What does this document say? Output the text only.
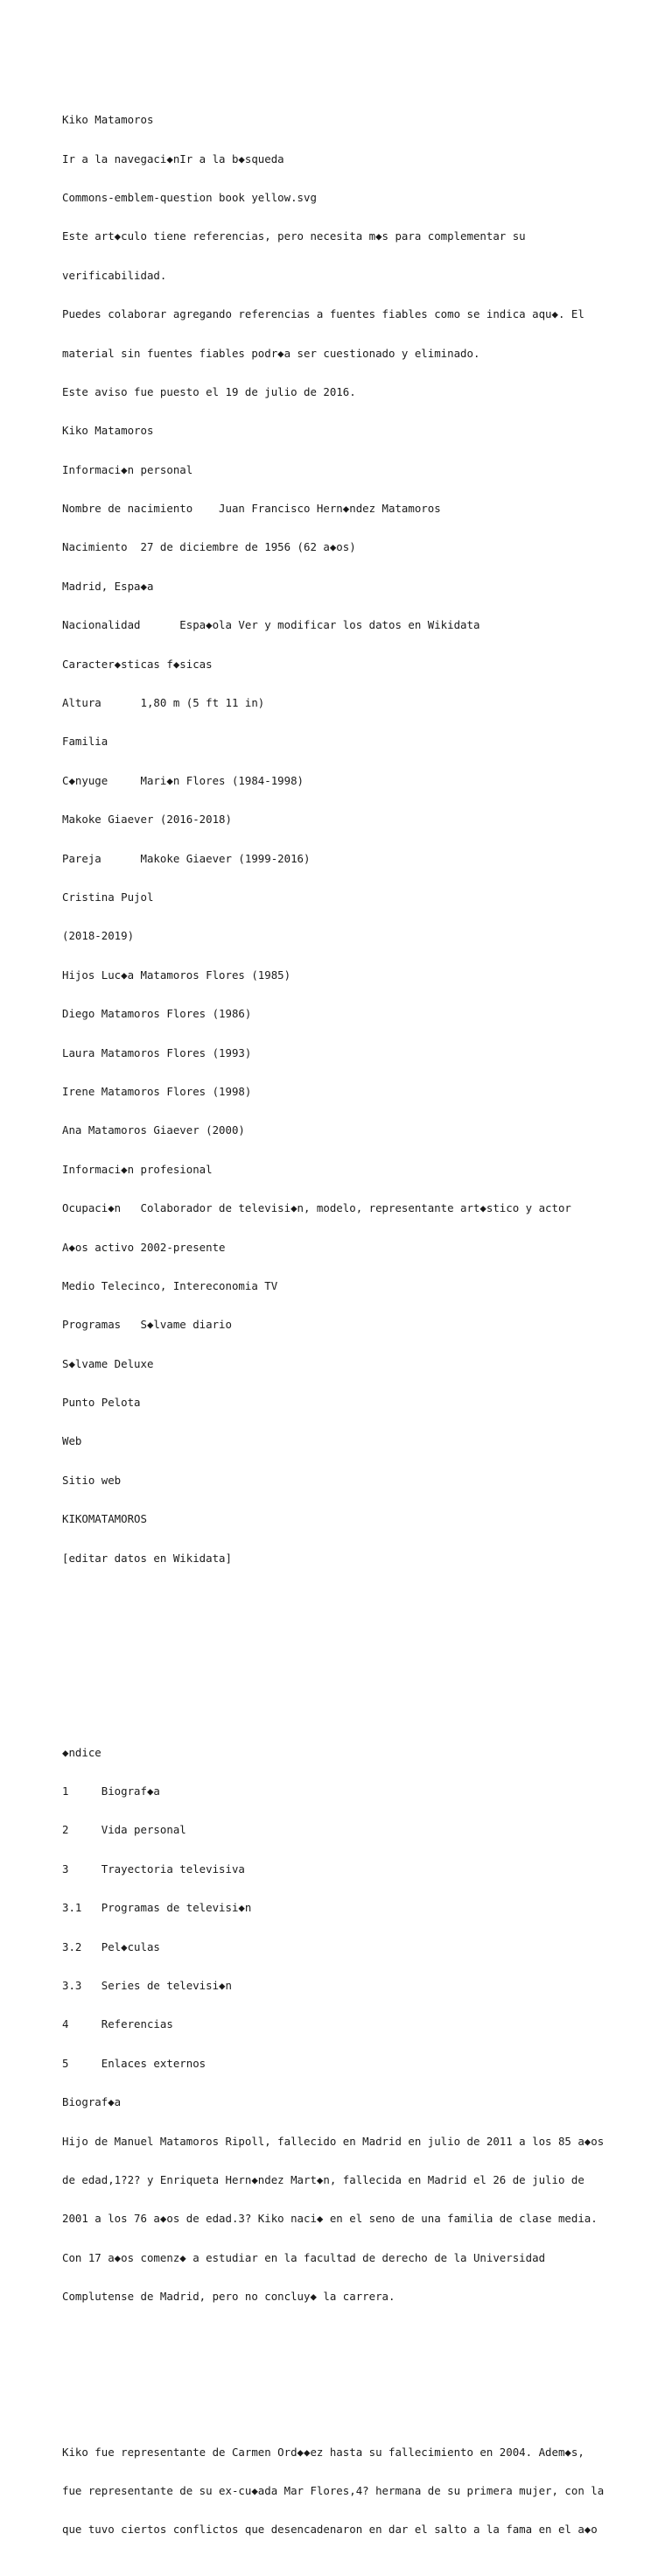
Kiko Matamoros

Ir a la navegaci◆nIr a la b◆squeda

Commons-emblem-question book yellow.svg

Este art◆culo tiene referencias, pero necesita m◆s para complementar su

verificabilidad.

Puedes colaborar agregando referencias a fuentes fiables como se indica aqu◆. El

material sin fuentes fiables podr◆a ser cuestionado y eliminado.

Este aviso fue puesto el 19 de julio de 2016.

Kiko Matamoros

Informaci◆n personal

Nombre de nacimiento    Juan Francisco Hern◆ndez Matamoros

Nacimiento  27 de diciembre de 1956 (62 a◆os)

Madrid, Espa◆a

Nacionalidad      Espa◆ola Ver y modificar los datos en Wikidata

Caracter◆sticas f◆sicas

Altura      1,80 m (5 ft 11 in)

Familia

C◆nyuge     Mari◆n Flores (1984-1998)

Makoke Giaever (2016-2018)

Pareja      Makoke Giaever (1999-2016)

Cristina Pujol

(2018-2019)

Hijos Luc◆a Matamoros Flores (1985)

Diego Matamoros Flores (1986)

Laura Matamoros Flores (1993)

Irene Matamoros Flores (1998)

Ana Matamoros Giaever (2000)

Informaci◆n profesional

Ocupaci◆n   Colaborador de televisi◆n, modelo, representante art◆stico y actor

A◆os activo 2002-presente

Medio Telecinco, Intereconomia TV

Programas   S◆lvame diario

S◆lvame Deluxe

Punto Pelota

Web

Sitio web

KIKOMATAMOROS

[editar datos en Wikidata]

◆ndice

1     Biograf◆a

2     Vida personal

3     Trayectoria televisiva

3.1   Programas de televisi◆n

3.2   Pel◆culas

3.3   Series de televisi◆n

4     Referencias

5     Enlaces externos

Biograf◆a

Hijo de Manuel Matamoros Ripoll, fallecido en Madrid en julio de 2011 a los 85 a◆os

de edad,1?2? y Enriqueta Hern◆ndez Mart◆n, fallecida en Madrid el 26 de julio de

2001 a los 76 a◆os de edad.3? Kiko naci◆ en el seno de una familia de clase media.

Con 17 a◆os comenz◆ a estudiar en la facultad de derecho de la Universidad

Complutense de Madrid, pero no concluy◆ la carrera.

Kiko fue representante de Carmen Ord◆◆ez hasta su fallecimiento en 2004. Adem◆s,

fue representante de su ex-cu◆ada Mar Flores,4? hermana de su primera mujer, con la

que tuvo ciertos conflictos que desencadenaron en dar el salto a la fama en el a◆o
